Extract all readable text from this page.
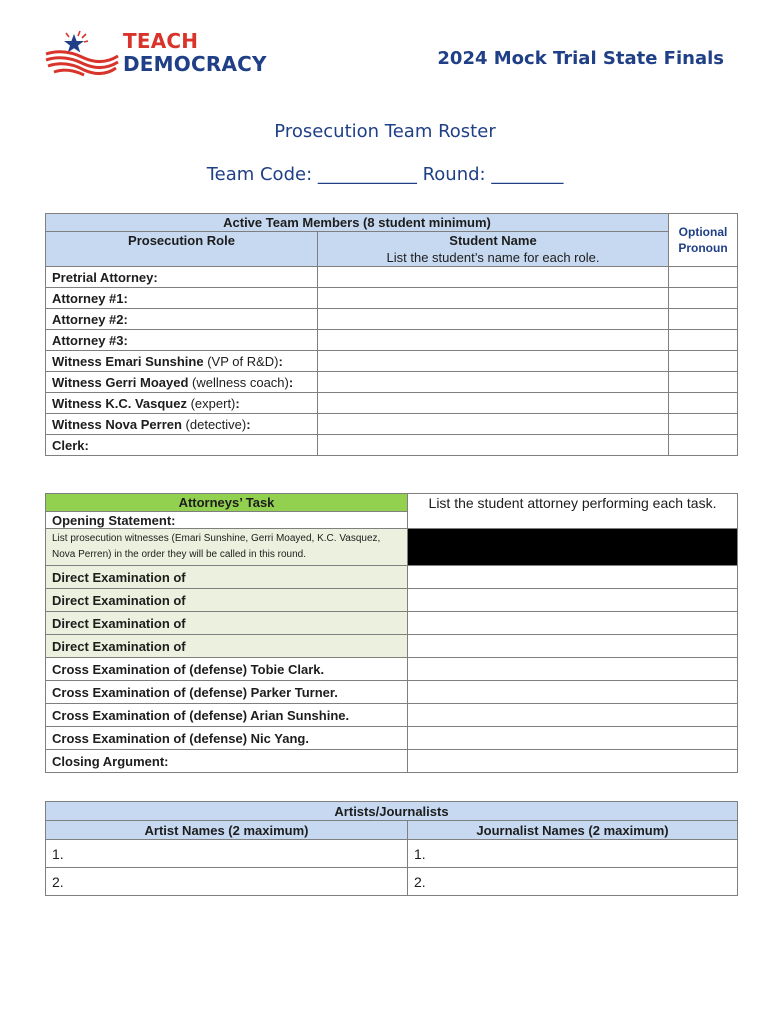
TEACH
DEMOCRACY	2024 Mock Trial State Finals
Prosecution Team Roster
Team Code: ___________ Round: ________
Active Team Members (8 student minimum)		Optional
Pronoun

Prosecution Role	Student Name	
	List the student’s name for each role.	
Pretrial Attorney:		
Attorney #1:		
Attorney #2:		
Attorney #3:		
Witness Emari Sunshine (VP of R&D):		
Witness Gerri Moayed (wellness coach):		
Witness K.C. Vasquez (expert):		
Witness Nova Perren (detective):		
Clerk:		
Attorneys’ Task	List the student attorney performing each task.
Opening Statement:	
List prosecution witnesses (Emari Sunshine, Gerri Moayed, K.C. Vasquez, Nova Perren) in the order they will be called in this round.	
Direct Examination of	
Direct Examination of	
Direct Examination of	
Direct Examination of	
Cross Examination of (defense) Tobie Clark.	
Cross Examination of (defense) Parker Turner.	
Cross Examination of (defense) Arian Sunshine.	
Cross Examination of (defense) Nic Yang.	
Closing Argument:	
Artists/Journalists	
Artist Names (2 maximum)	Journalist Names (2 maximum)
1.	1.
2.	2.
